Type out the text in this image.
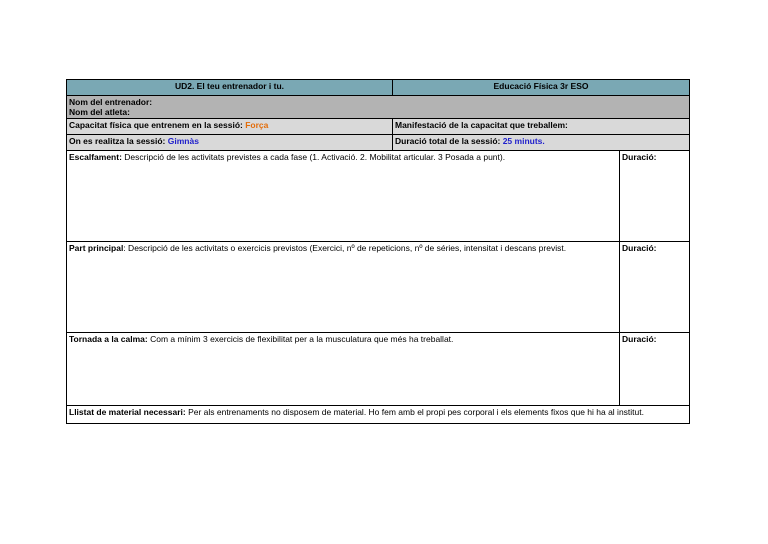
UD2. El teu entrenador i tu.	Educació Física 3r ESO	

Nom del entrenador:
Nom del atleta:		

Capacitat física que entrenem en la sessió: Força	Manifestació de la capacitat que treballem:	
On es realitza la sessió: Gimnàs	Duració total de la sessió: 25 minuts.	
Escalfament: Descripció de les activitats previstes a cada fase (1. Activació. 2. Mobilitat articular. 3 Posada a punt).		Duració:
Part principal: Descripció de les activitats o exercicis previstos (Exercici, nº de repeticions, nº de séries, intensitat i descans previst.		Duració:
Tornada a la calma: Com a mínim 3 exercicis de flexibilitat per a la musculatura que més ha treballat.		Duració:
Llistat de material necessari: Per als entrenaments no disposem de material. Ho fem amb el propi pes corporal i els elements fixos que hi ha al institut.		
